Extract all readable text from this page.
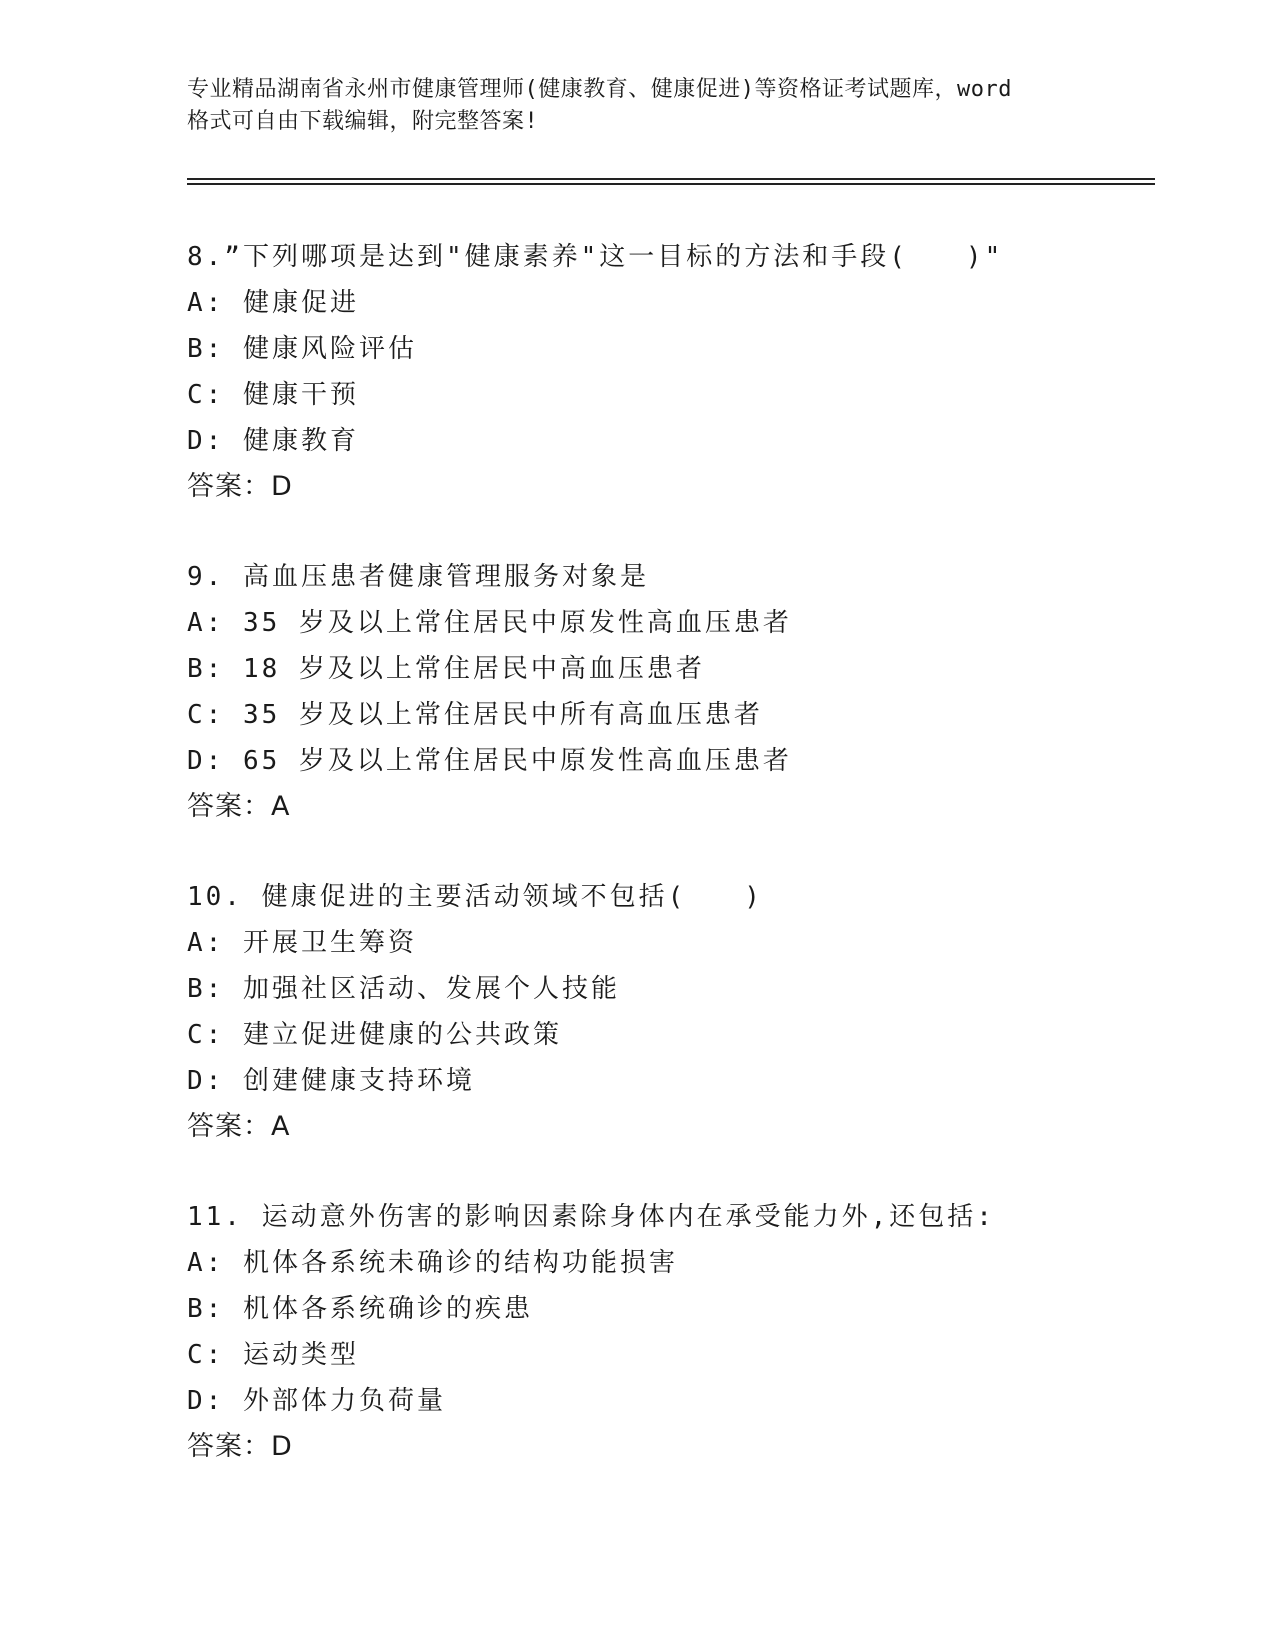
专业精品湖南省永州市健康管理师(健康教育、健康促进)等资格证考试题库，word
格式可自由下载编辑，附完整答案!
8.”下列哪项是达到"健康素养"这一目标的方法和手段(　　)"
A: 健康促进
B: 健康风险评估
C: 健康干预
D: 健康教育
答案：D
9. 高血压患者健康管理服务对象是
A: 35 岁及以上常住居民中原发性高血压患者
B: 18 岁及以上常住居民中高血压患者
C: 35 岁及以上常住居民中所有高血压患者
D: 65 岁及以上常住居民中原发性高血压患者
答案：A
10. 健康促进的主要活动领域不包括(　　)
A: 开展卫生筹资
B: 加强社区活动、发展个人技能
C: 建立促进健康的公共政策
D: 创建健康支持环境
答案：A
11. 运动意外伤害的影响因素除身体内在承受能力外,还包括:
A: 机体各系统未确诊的结构功能损害
B: 机体各系统确诊的疾患
C: 运动类型
D: 外部体力负荷量
答案：D
